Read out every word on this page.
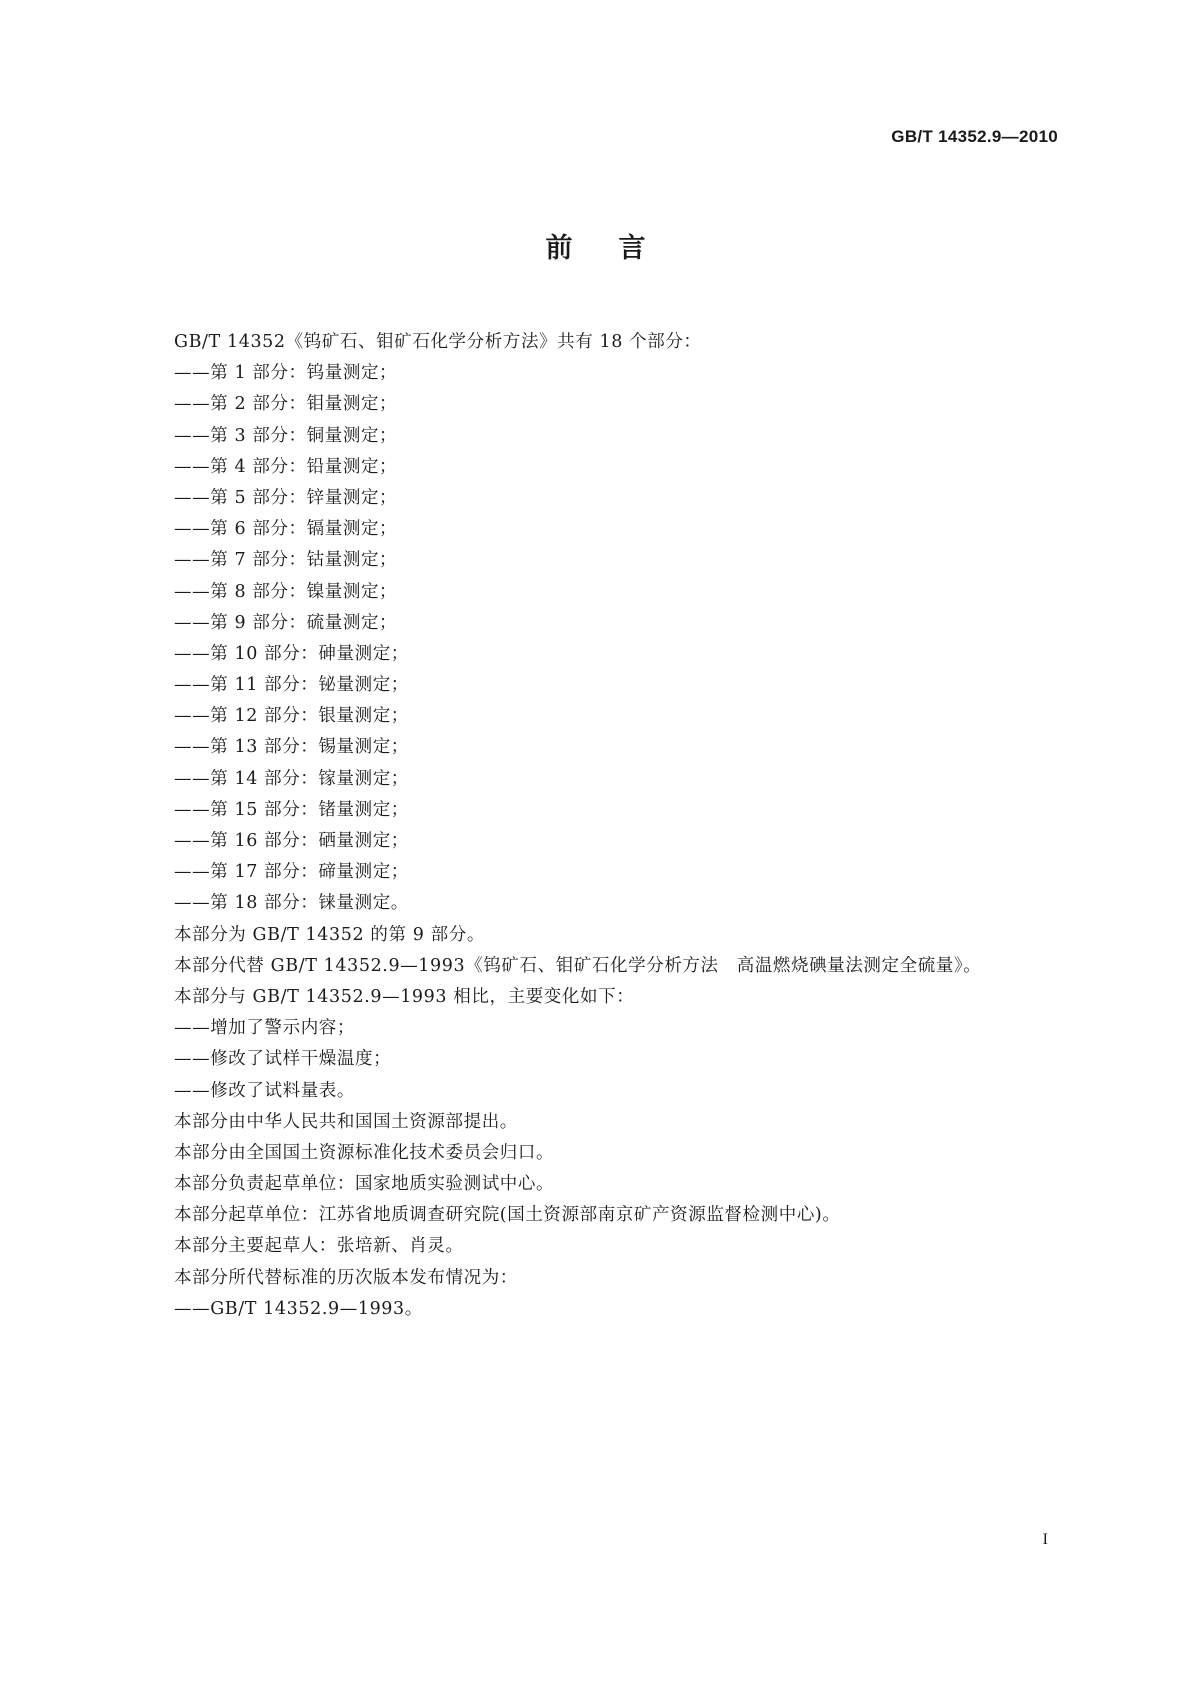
GB/T 14352.9—2010
前 言
GB/T 14352《钨矿石、钼矿石化学分析方法》共有 18 个部分：
——第 1 部分：钨量测定；
——第 2 部分：钼量测定；
——第 3 部分：铜量测定；
——第 4 部分：铅量测定；
——第 5 部分：锌量测定；
——第 6 部分：镉量测定；
——第 7 部分：钴量测定；
——第 8 部分：镍量测定；
——第 9 部分：硫量测定；
——第 10 部分：砷量测定；
——第 11 部分：铋量测定；
——第 12 部分：银量测定；
——第 13 部分：锡量测定；
——第 14 部分：镓量测定；
——第 15 部分：锗量测定；
——第 16 部分：硒量测定；
——第 17 部分：碲量测定；
——第 18 部分：铼量测定。
本部分为 GB/T 14352 的第 9 部分。
本部分代替 GB/T 14352.9—1993《钨矿石、钼矿石化学分析方法　高温燃烧碘量法测定全硫量》。
本部分与 GB/T 14352.9—1993 相比，主要变化如下：
——增加了警示内容；
——修改了试样干燥温度；
——修改了试料量表。
本部分由中华人民共和国国土资源部提出。
本部分由全国国土资源标准化技术委员会归口。
本部分负责起草单位：国家地质实验测试中心。
本部分起草单位：江苏省地质调查研究院(国土资源部南京矿产资源监督检测中心)。
本部分主要起草人：张培新、肖灵。
本部分所代替标准的历次版本发布情况为：
——GB/T 14352.9—1993。
I
